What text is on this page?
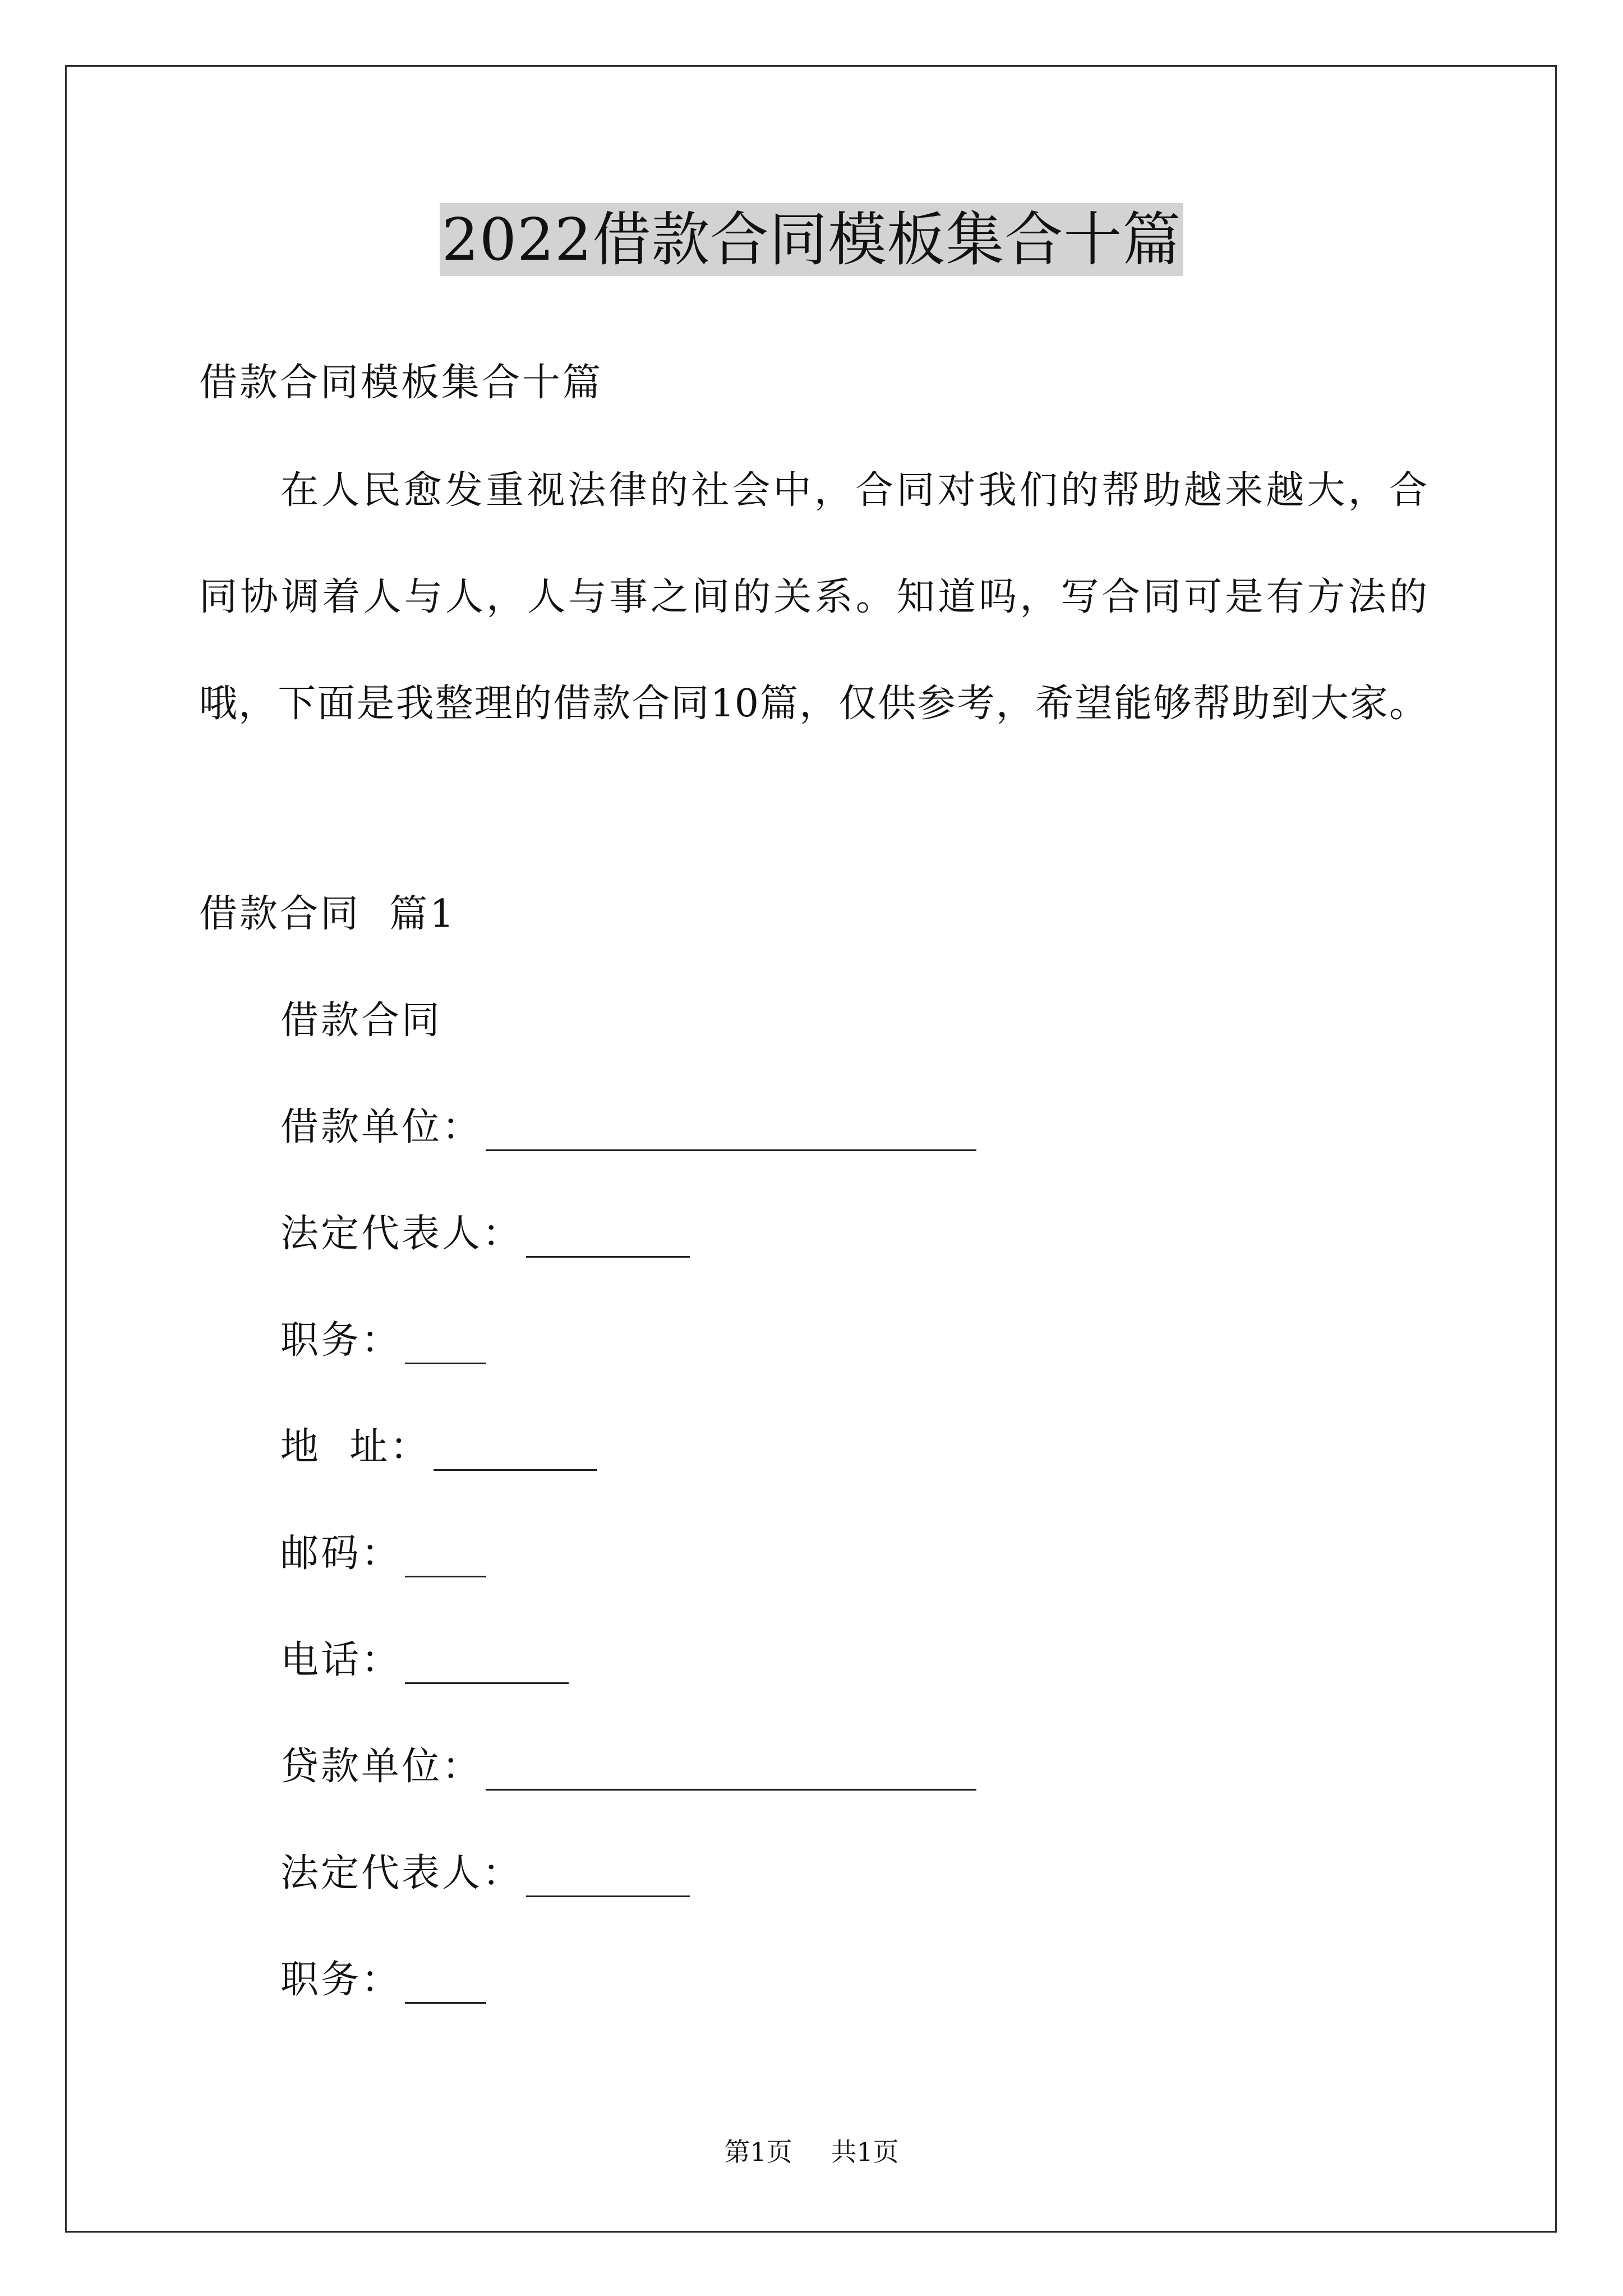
2022借款合同模板集合十篇
借款合同模板集合十篇
在人民愈发重视法律的社会中，合同对我们的帮助越来越大，合
同协调着人与人，人与事之间的关系。知道吗，写合同可是有方法的
哦，下面是我整理的借款合同10篇，仅供参考，希望能够帮助到大家。
借款合同  篇1
借款合同
借款单位：
法定代表人：
职务：
地  址：
邮码：
电话：
贷款单位：
法定代表人：
职务：
第1页 共1页
